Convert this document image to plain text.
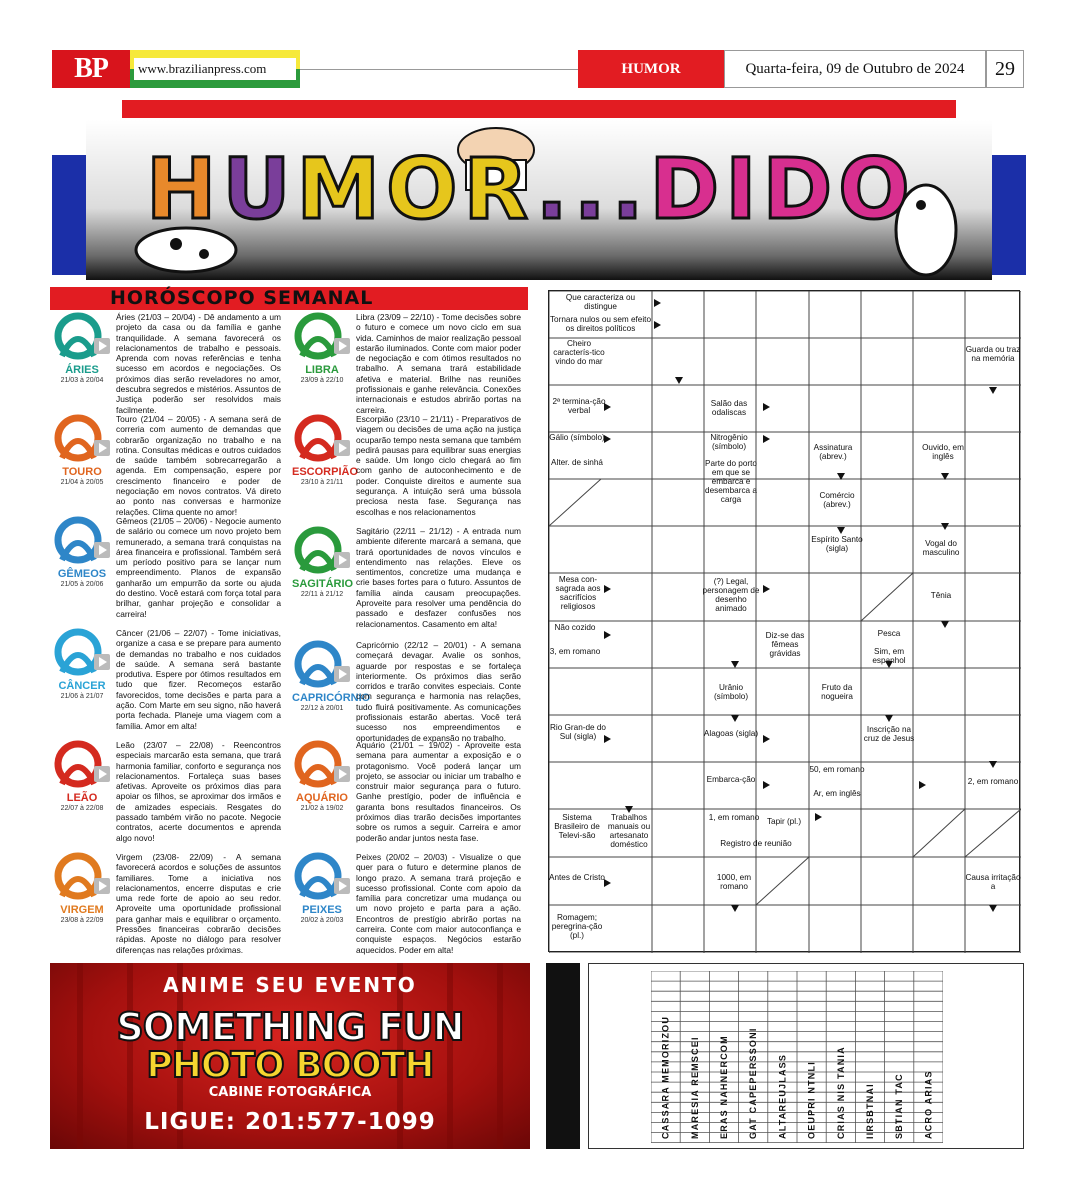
BP	www.brazilianpress.com	HUMOR	Quarta-feira, 09 de Outubro de 2024	29
HUMOR...DIDO
HORÓSCOPO SEMANAL
ÁRIES
21/03 à 20/04
Áries (21/03 – 20/04) - Dê andamento a um projeto da casa ou da família e ganhe tranquilidade. A semana favorecerá os relacionamentos de trabalho e pessoais. Aprenda com novas referências e tenha sucesso em acordos e negociações. Os próximos dias serão reveladores no amor, descubra segredos e mistérios. Assuntos de Justiça poderão ser resolvidos mais facilmente.
TOURO
21/04 à 20/05
Touro (21/04 – 20/05) - A semana será de correria com aumento de demandas que cobrarão organização no trabalho e na rotina. Consultas médicas e outros cuidados de saúde também sobrecarregarão a agenda. Em compensação, espere por crescimento financeiro e poder de negociação em novos contratos. Vá direto ao ponto nas conversas e harmonize relações. Clima quente no amor!
GÊMEOS
21/05 à 20/06
Gêmeos (21/05 – 20/06) - Negocie aumento de salário ou comece um novo projeto bem remunerado, a semana trará conquistas na área financeira e profissional. Também será um período positivo para se lançar num empreendimento. Planos de expansão ganharão um empurrão da sorte ou ajuda do destino. Você estará com força total para brilhar, ganhar projeção e consolidar a carreira!
CÂNCER
21/06 à 21/07
Câncer (21/06 – 22/07) - Tome iniciativas, organize a casa e se prepare para aumento de demandas no trabalho e nos cuidados de saúde. A semana será bastante produtiva. Espere por ótimos resultados em tudo que fizer. Recomeços estarão favorecidos, tome decisões e parta para a ação. Com Marte em seu signo, não haverá porta fechada. Planeje uma viagem com a família. Amor em alta!
LEÃO
22/07 à 22/08
Leão (23/07 – 22/08) - Reencontros especiais marcarão esta semana, que trará harmonia familiar, conforto e segurança nos relacionamentos. Fortaleça suas bases afetivas. Aproveite os próximos dias para apoiar os filhos, se aproximar dos irmãos e de amizades especiais. Resgates do passado também virão no pacote. Negocie contratos, acerte documentos e aprenda algo novo!
VIRGEM
23/08 à 22/09
Virgem (23/08- 22/09) - A semana favorecerá acordos e soluções de assuntos familiares. Tome a iniciativa nos relacionamentos, encerre disputas e crie uma rede forte de apoio ao seu redor. Aproveite uma oportunidade profissional para ganhar mais e equilibrar o orçamento. Pressões financeiras cobrarão decisões rápidas. Aposte no diálogo para resolver diferenças nas relações próximas.
LIBRA
23/09 à 22/10
Libra (23/09 – 22/10) - Tome decisões sobre o futuro e comece um novo ciclo em sua vida. Caminhos de maior realização pessoal estarão iluminados. Conte com maior poder de negociação e com ótimos resultados no trabalho. A semana trará estabilidade afetiva e material. Brilhe nas reuniões profissionais e ganhe relevância. Conexões internacionais e estudos abrirão portas na carreira.
ESCORPIÃO
23/10 à 21/11
Escorpião (23/10 – 21/11) - Preparativos de viagem ou decisões de uma ação na justiça ocuparão tempo nesta semana que também pedirá pausas para equilibrar suas energias e saúde. Um longo ciclo chegará ao fim com ganho de autoconhecimento e de poder. Conquiste direitos e aumente sua segurança. A intuição será uma bússola preciosa nesta fase. Segurança nas escolhas e nos relacionamentos
SAGITÁRIO
22/11 à 21/12
Sagitário (22/11 – 21/12) - A entrada num ambiente diferente marcará a semana, que trará oportunidades de novos vínculos e entendimento nas relações. Eleve os sentimentos, concretize uma mudança e crie bases fortes para o futuro. Assuntos de família ainda causam preocupações. Aproveite para resolver uma pendência do passado e desfazer confusões nos relacionamentos. Casamento em alta!
CAPRICÓRNIO
22/12 à 20/01
Capricórnio (22/12 – 20/01) - A semana começará devagar. Avalie os sonhos, aguarde por respostas e se fortaleça interiormente. Os próximos dias serão corridos e trarão convites especiais. Conte com segurança e harmonia nas relações, tudo fluirá positivamente. As comunicações profissionais estarão abertas. Você terá sucesso nos empreendimentos e oportunidades de expansão no trabalho.
AQUÁRIO
21/02 à 19/02
Aquário (21/01 – 19/02) - Aproveite esta semana para aumentar a exposição e o protagonismo. Você poderá lançar um projeto, se associar ou iniciar um trabalho e construir maior segurança para o futuro. Ganhe prestígio, poder de influência e garanta bons resultados financeiros. Os próximos dias trarão decisões importantes sobre os rumos a seguir. Carreira e amor poderão andar juntos nesta fase.
PEIXES
20/02 à 20/03
Peixes (20/02 – 20/03) - Visualize o que quer para o futuro e determine planos de longo prazo. A semana trará projeção e sucesso profissional. Conte com apoio da família para concretizar uma mudança ou um novo projeto e parta para a ação. Encontros de prestígio abrirão portas na carreira. Conte com maior autoconfiança e conquiste espaços. Negócios estarão aquecidos. Poder em alta!
Que caracteriza ou distingue
Tornara nulos ou sem efeito os direitos políticos
Cheiro caracterís-tico vindo do mar
Guarda ou traz na memória
2ª termina-ção verbal
Salão das odaliscas
Gálio (símbolo)	Nitrogênio (símbolo)	Assinatura (abrev.)
Ouvido, em inglês
Alter. de sinhá	Parte do porto em que se embarca e desembarca a carga	Comércio (abrev.)
Espírito Santo (sigla)
Vogal do masculino
Mesa con-sagrada aos sacrifícios religiosos
(?) Legal, personagem de desenho animado
Tênia
Não cozido
Diz-se das fêmeas grávidas
Pesca
3, em romano	Sim, em espanhol
Urânio (símbolo)
Fruto da nogueira
Rio Gran-de do Sul (sigla)	Alagoas (sigla)	Inscrição na cruz de Jesus
Embarca-ção
50, em romano
2, em romano
Ar, em inglês
Sistema Brasileiro de Televi-são
Trabalhos manuais ou artesanato doméstico
1, em romano Tapir (pl.)
Registro de reunião
Antes de Cristo	1000, em romano
Causa irritação a
Romagem; peregrina-ção (pl.)
ANIME SEU EVENTO
SOMETHING FUN
PHOTO BOOTH
CABINE FOTOGRÁFICA
LIGUE: 201:577-1099	CASSARA MEMORIZOU MARESIA REMSCEI ERAS NAHNERCOM GAT CAPEPERSSONI ALTAREUJLASS OEUPRI NTNLI CRIAS NIS TANIA IIRSBTNAI SBTIAN TAC ACRO ARIAS
